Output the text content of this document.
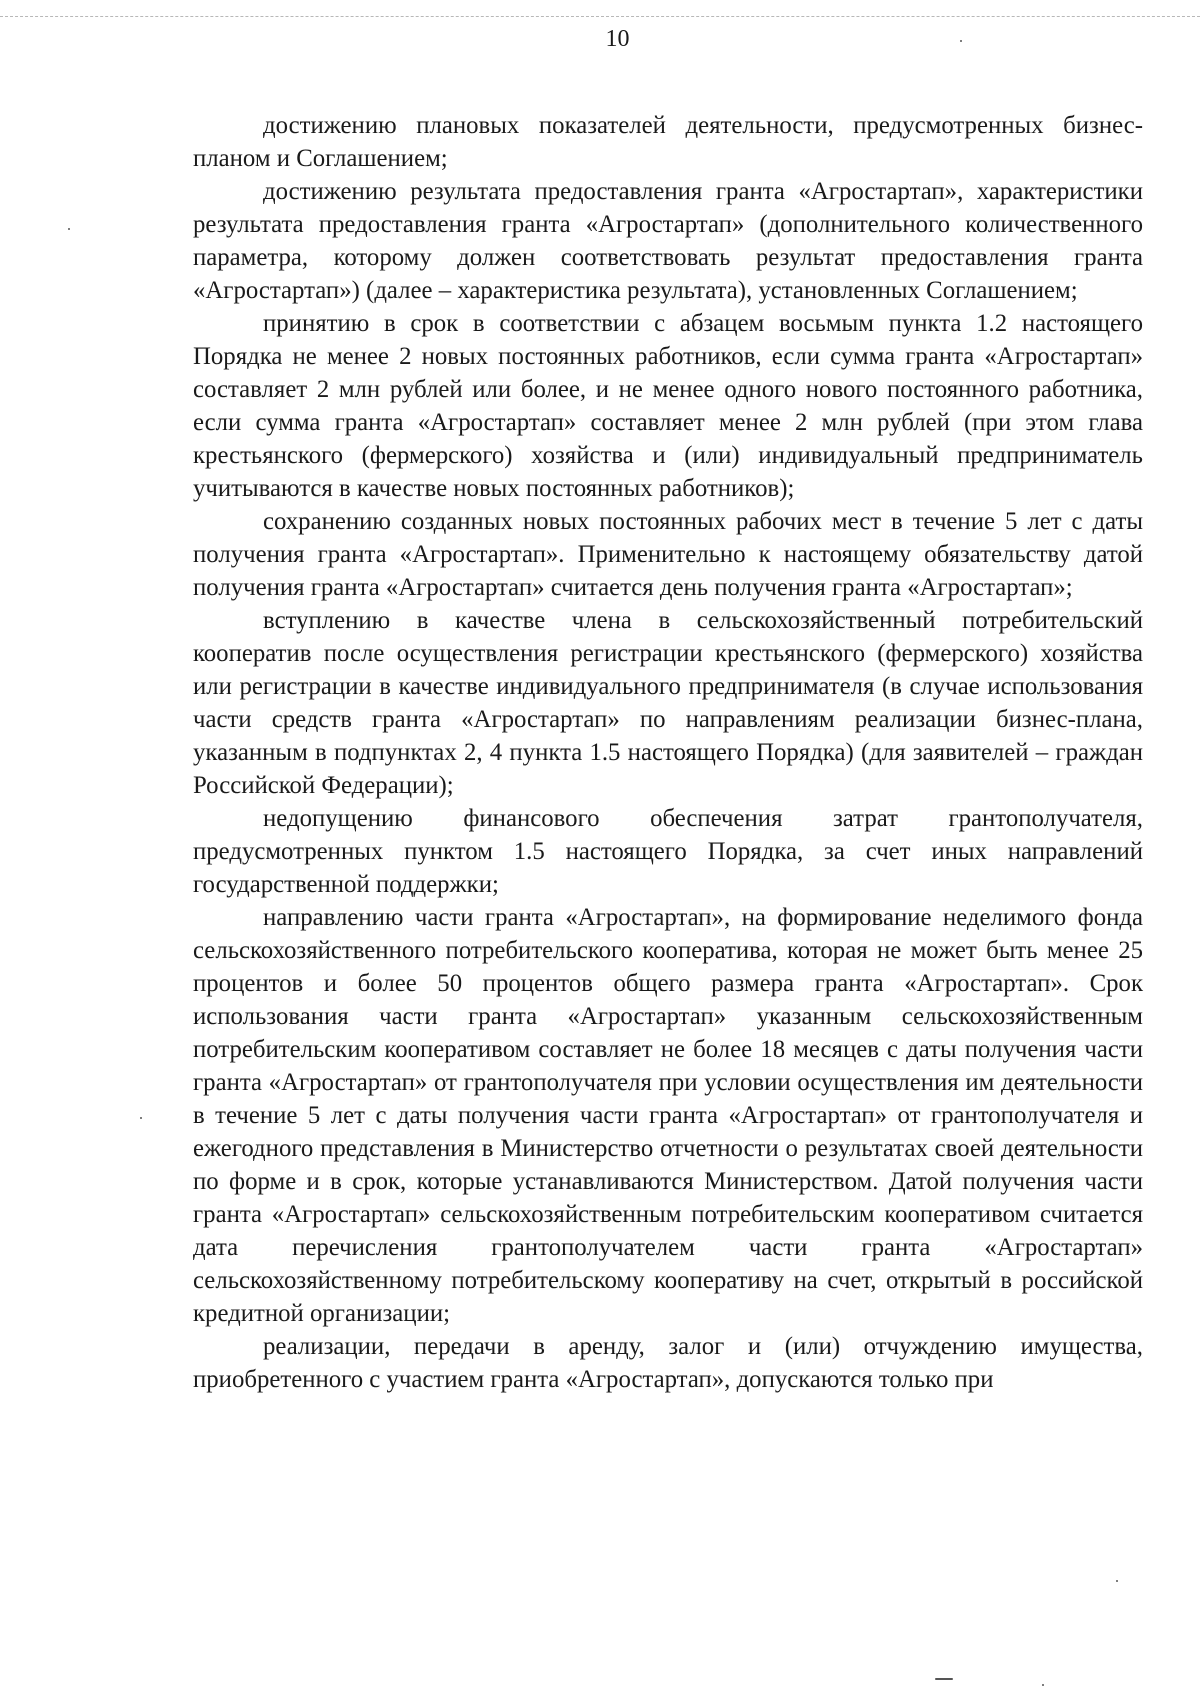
10

достижению плановых показателей деятельности, предусмотренных бизнес-планом и Соглашением;

достижению результата предоставления гранта «Агростартап», характеристики результата предоставления гранта «Агростартап» (дополнительного количественного параметра, которому должен соответствовать результат предоставления гранта «Агростартап») (далее – характеристика результата), установленных Соглашением;

принятию в срок в соответствии с абзацем восьмым пункта 1.2 настоящего Порядка не менее 2 новых постоянных работников, если сумма гранта «Агростартап» составляет 2 млн рублей или более, и не менее одного нового постоянного работника, если сумма гранта «Агростартап» составляет менее 2 млн рублей (при этом глава крестьянского (фермерского) хозяйства и (или) индивидуальный предприниматель учитываются в качестве новых постоянных работников);

сохранению созданных новых постоянных рабочих мест в течение 5 лет с даты получения гранта «Агростартап». Применительно к настоящему обязательству датой получения гранта «Агростартап» считается день получения гранта «Агростартап»;

вступлению в качестве члена в сельскохозяйственный потребительский кооператив после осуществления регистрации крестьянского (фермерского) хозяйства или регистрации в качестве индивидуального предпринимателя (в случае использования части средств гранта «Агростартап» по направлениям реализации бизнес-плана, указанным в подпунктах 2, 4 пункта 1.5 настоящего Порядка) (для заявителей – граждан Российской Федерации);

недопущению финансового обеспечения затрат грантополучателя, предусмотренных пунктом 1.5 настоящего Порядка, за счет иных направлений государственной поддержки;

направлению части гранта «Агростартап», на формирование неделимого фонда сельскохозяйственного потребительского кооператива, которая не может быть менее 25 процентов и более 50 процентов общего размера гранта «Агростартап». Срок использования части гранта «Агростартап» указанным сельскохозяйственным потребительским кооперативом составляет не более 18 месяцев с даты получения части гранта «Агростартап» от грантополучателя при условии осуществления им деятельности в течение 5 лет с даты получения части гранта «Агростартап» от грантополучателя и ежегодного представления в Министерство отчетности о результатах своей деятельности по форме и в срок, которые устанавливаются Министерством. Датой получения части гранта «Агростартап» сельскохозяйственным потребительским кооперативом считается дата перечисления грантополучателем части гранта «Агростартап» сельскохозяйственному потребительскому кооперативу на счет, открытый в российской кредитной организации;

реализации, передачи в аренду, залог и (или) отчуждению имущества, приобретенного с участием гранта «Агростартап», допускаются только при
